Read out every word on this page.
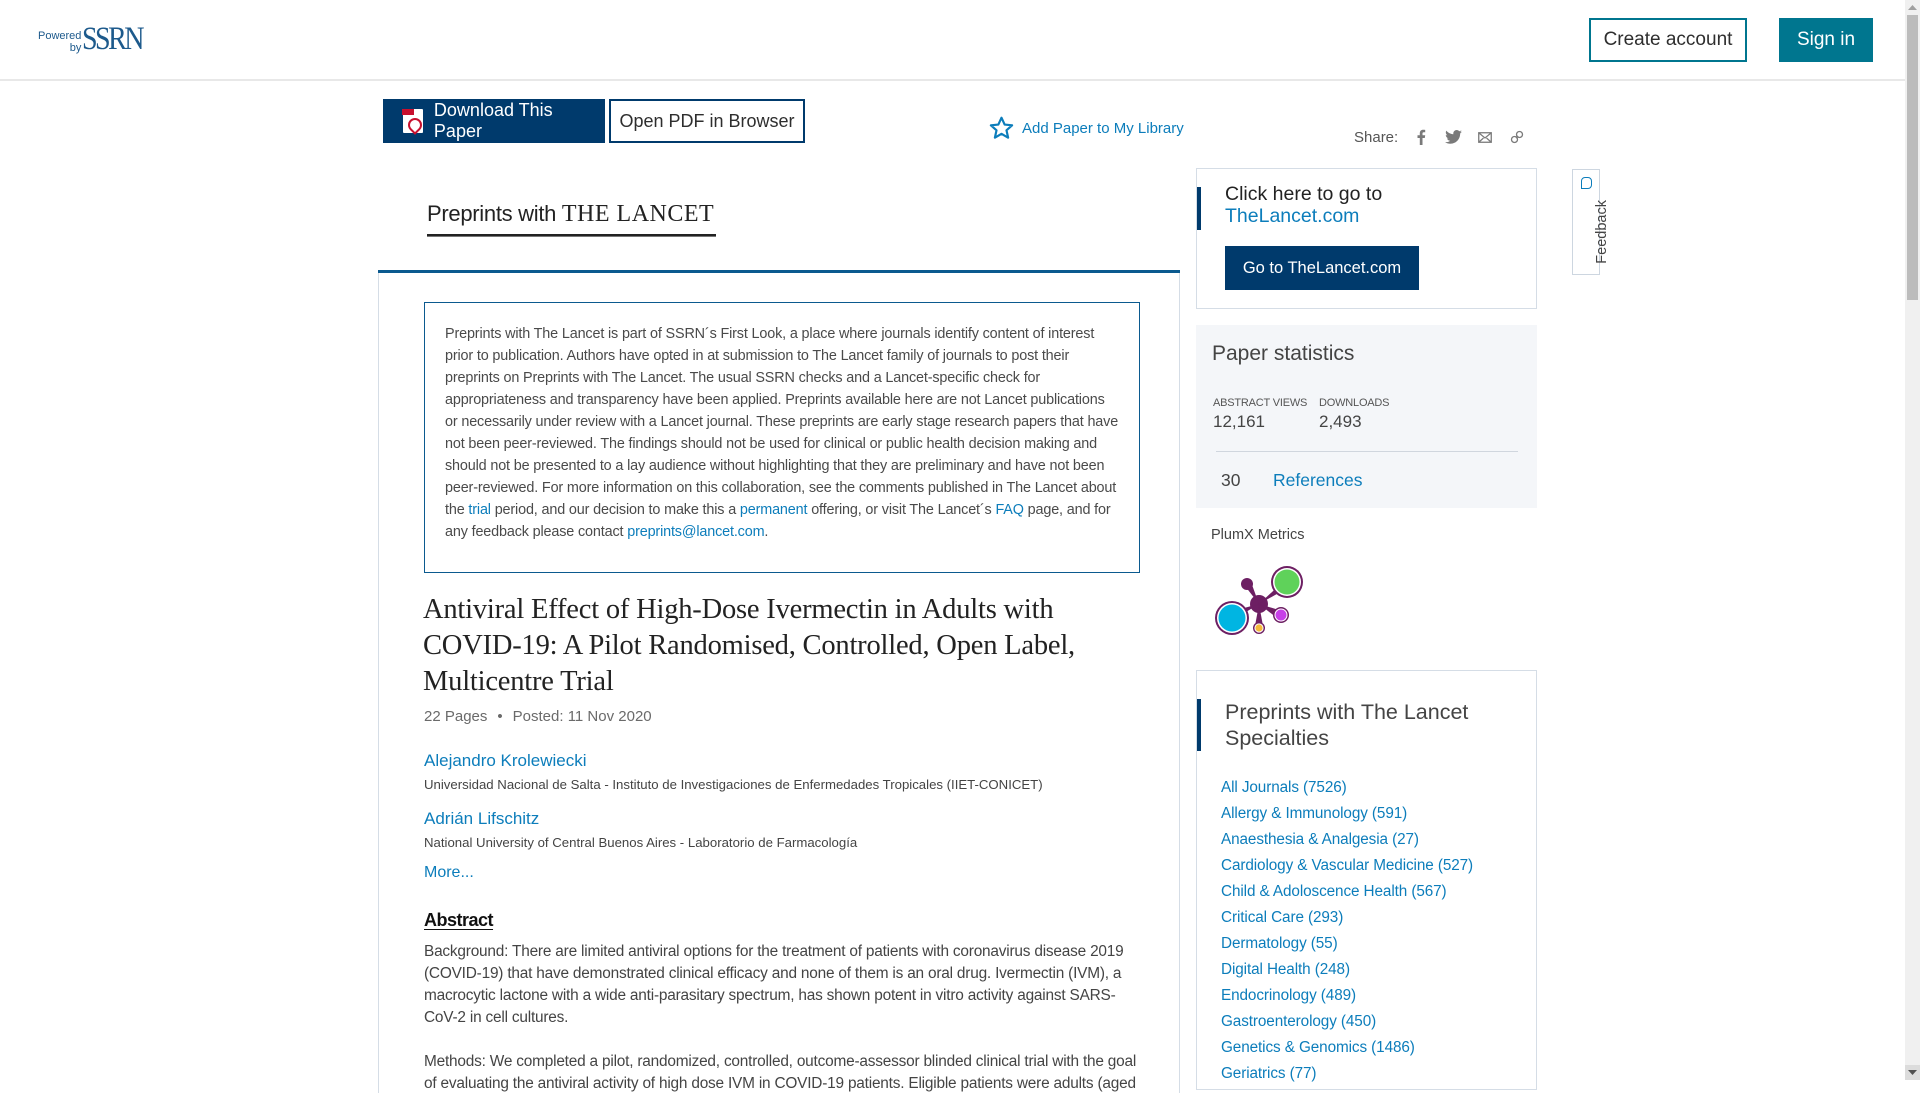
Powered
by SSRN	Create account	Sign in
Download This Paper
Open PDF in Browser	Add Paper to My Library
Share:
Preprints with THE LANCET
Preprints with The Lancet is part of SSRN´s First Look, a place where journals identify content of interest prior to publication. Authors have opted in at submission to The Lancet family of journals to post their preprints on Preprints with The Lancet. The usual SSRN checks and a Lancet-specific check for appropriateness and transparency have been applied. Preprints available here are not Lancet publications or necessarily under review with a Lancet journal. These preprints are early stage research papers that have not been peer-reviewed. The findings should not be used for clinical or public health decision making and should not be presented to a lay audience without highlighting that they are preliminary and have not been peer-reviewed. For more information on this collaboration, see the comments published in The Lancet about the trial period, and our decision to make this a permanent offering, or visit The Lancet´s FAQ page, and for any feedback please contact preprints@lancet.com.
Antiviral Effect of High-Dose Ivermectin in Adults with COVID-19: A Pilot Randomised, Controlled, Open Label, Multicentre Trial
22 Pages • Posted: 11 Nov 2020
Alejandro Krolewiecki
Universidad Nacional de Salta - Instituto de Investigaciones de Enfermedades Tropicales (IIET-CONICET)
Adrián Lifschitz
National University of Central Buenos Aires - Laboratorio de Farmacología
More...
Abstract

Background: There are limited antiviral options for the treatment of patients with coronavirus disease 2019 (COVID-19) that have demonstrated clinical efficacy and none of them is an oral drug. Ivermectin (IVM), a macrocytic lactone with a wide anti-parasitary spectrum, has shown potent in vitro activity against SARS-CoV-2 in cell cultures.

Methods: We completed a pilot, randomized, controlled, outcome-assessor blinded clinical trial with the goal of evaluating the antiviral activity of high dose IVM in COVID-19 patients. Eligible patients were adults (aged

Click here to go to
TheLancet.com
Go to TheLancet.com
Paper statistics
ABSTRACT VIEWS
12,161
DOWNLOADS
2,493
30 References
PlumX Metrics
Preprints with The Lancet Specialties
All Journals (7526)
Allergy & Immunology (591)
Anaesthesia & Analgesia (27)
Cardiology & Vascular Medicine (527)
Child & Adoloscence Health (567)
Critical Care (293)
Dermatology (55)
Digital Health (248)
Endocrinology (489)
Gastroenterology (450)
Genetics & Genomics (1486)
Geriatrics (77)
Feedback
